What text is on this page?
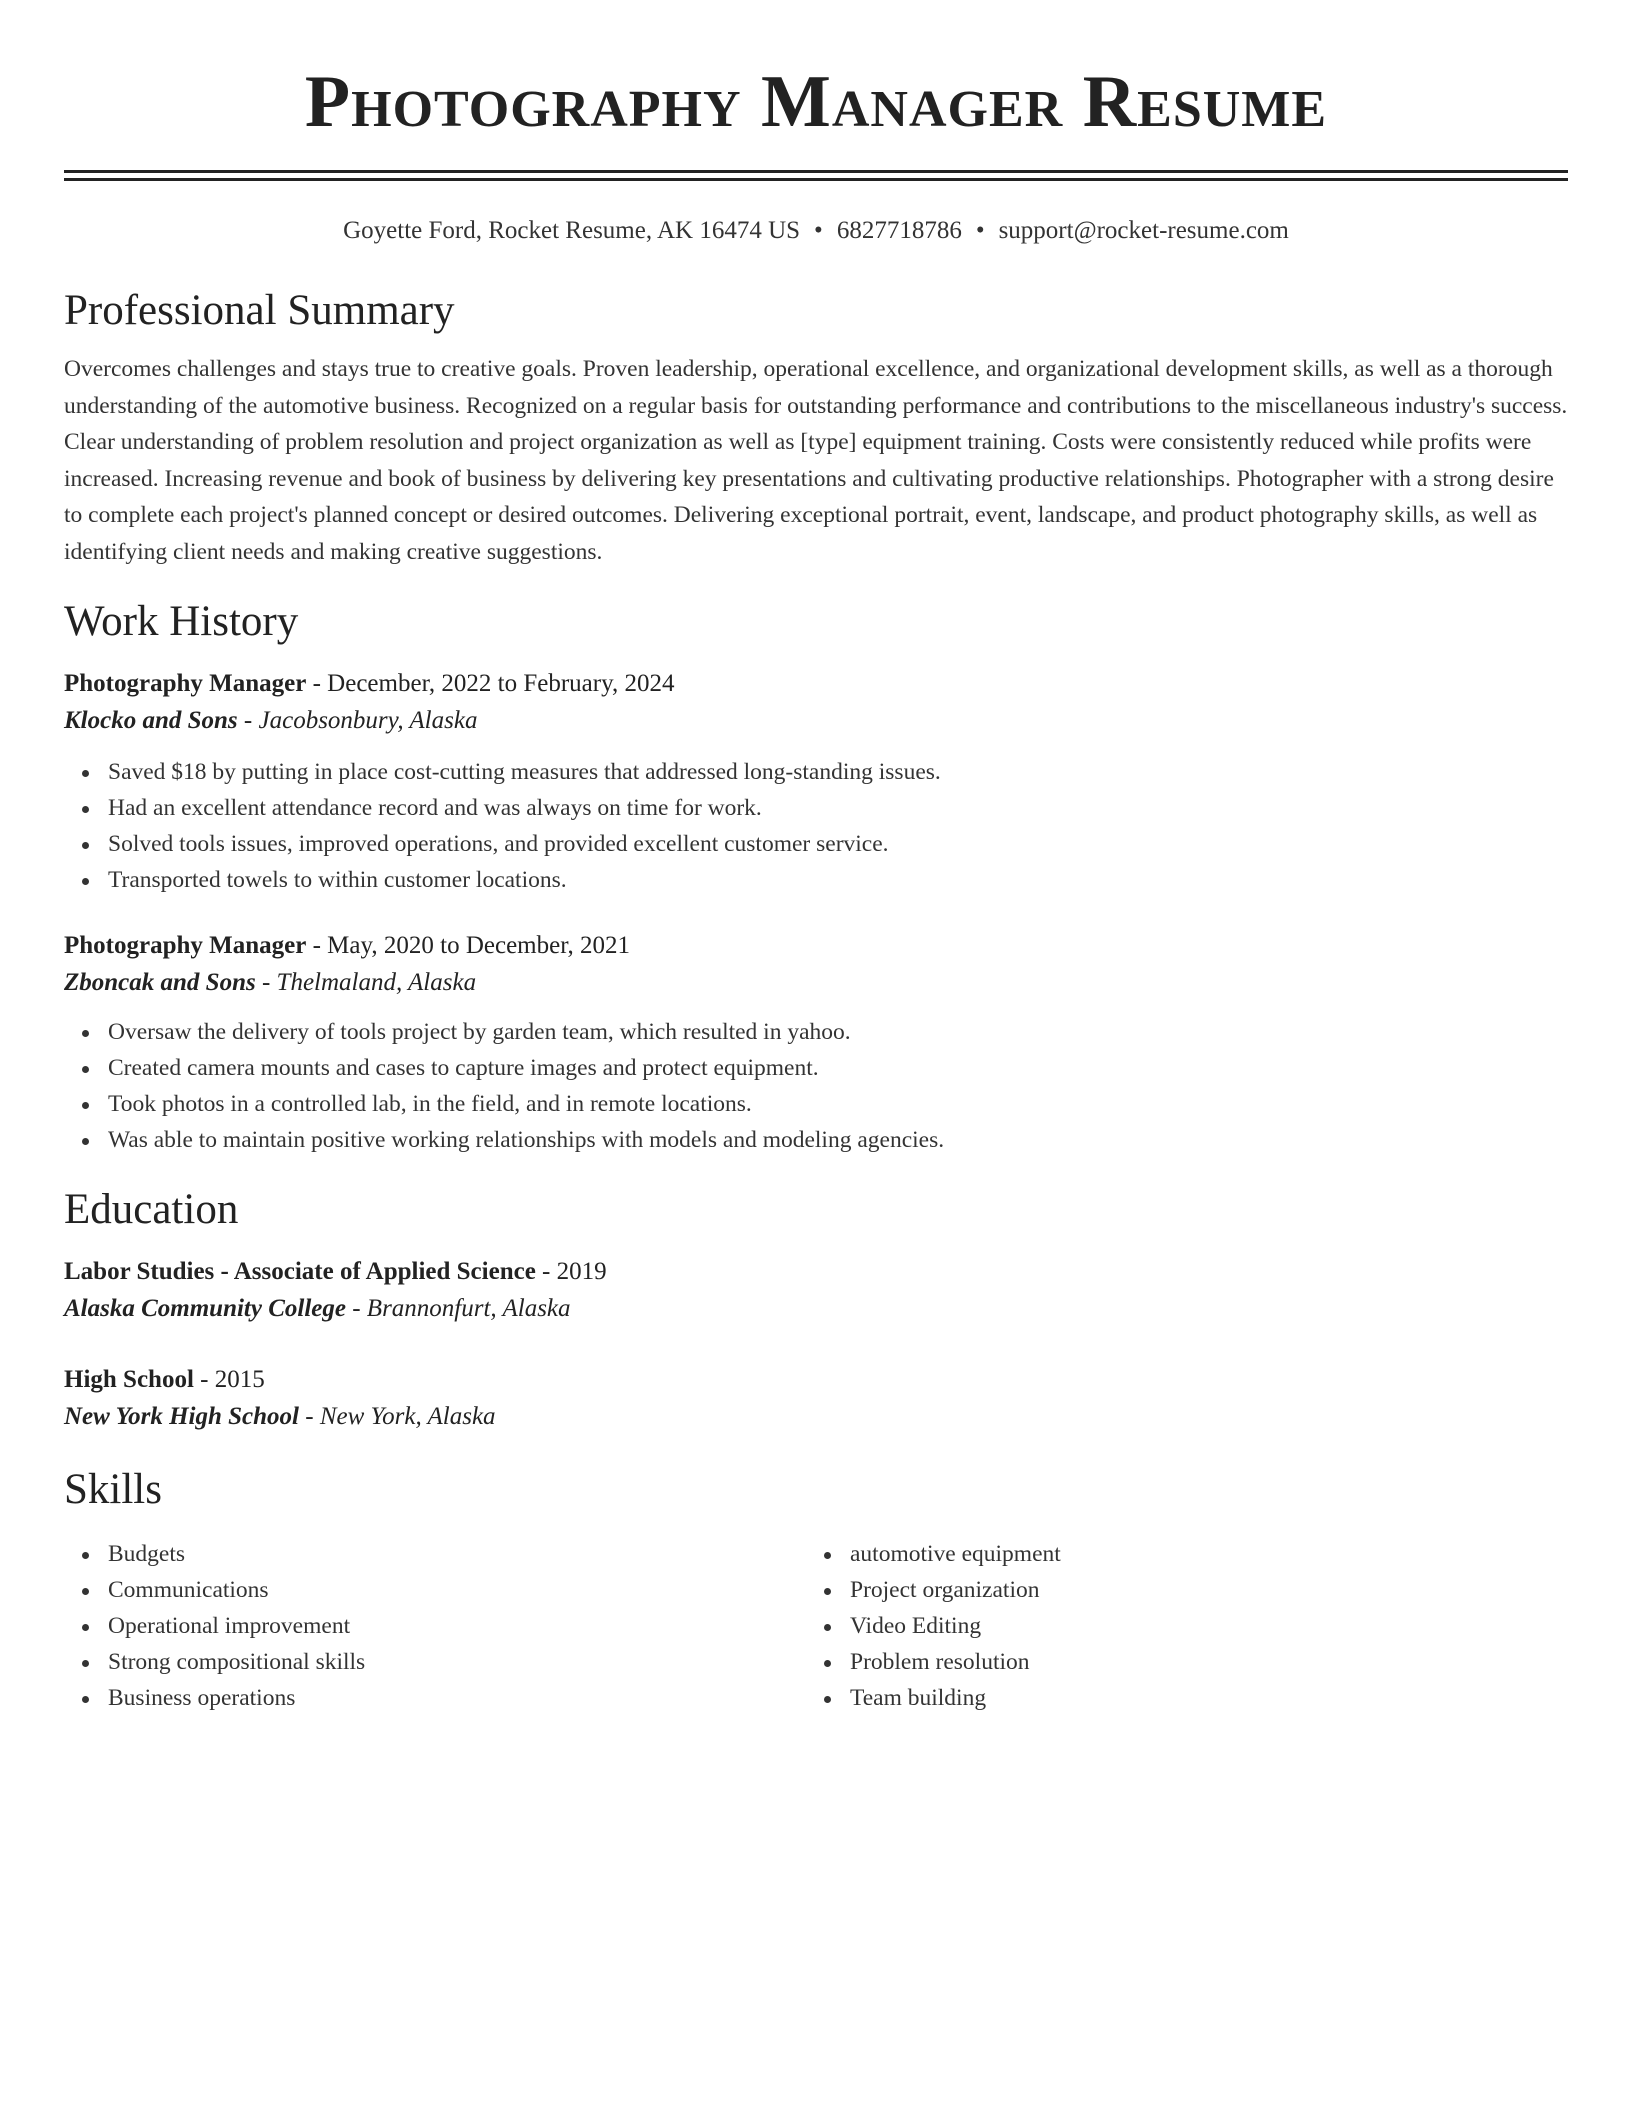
Photography Manager Resume
Goyette Ford, Rocket Resume, AK 16474 US • 6827718786 • support@rocket-resume.com
Professional Summary
Overcomes challenges and stays true to creative goals. Proven leadership, operational excellence, and organizational development skills, as well as a thorough understanding of the automotive business. Recognized on a regular basis for outstanding performance and contributions to the miscellaneous industry's success. Clear understanding of problem resolution and project organization as well as [type] equipment training. Costs were consistently reduced while profits were increased. Increasing revenue and book of business by delivering key presentations and cultivating productive relationships. Photographer with a strong desire to complete each project's planned concept or desired outcomes. Delivering exceptional portrait, event, landscape, and product photography skills, as well as identifying client needs and making creative suggestions.
Work History
Photography Manager - December, 2022 to February, 2024
Klocko and Sons - Jacobsonbury, Alaska
Saved $18 by putting in place cost-cutting measures that addressed long-standing issues.
Had an excellent attendance record and was always on time for work.
Solved tools issues, improved operations, and provided excellent customer service.
Transported towels to within customer locations.
Photography Manager - May, 2020 to December, 2021
Zboncak and Sons - Thelmaland, Alaska
Oversaw the delivery of tools project by garden team, which resulted in yahoo.
Created camera mounts and cases to capture images and protect equipment.
Took photos in a controlled lab, in the field, and in remote locations.
Was able to maintain positive working relationships with models and modeling agencies.
Education
Labor Studies - Associate of Applied Science - 2019
Alaska Community College - Brannonfurt, Alaska
High School - 2015
New York High School - New York, Alaska
Skills
Budgets
Communications
Operational improvement
Strong compositional skills
Business operations
automotive equipment
Project organization
Video Editing
Problem resolution
Team building
